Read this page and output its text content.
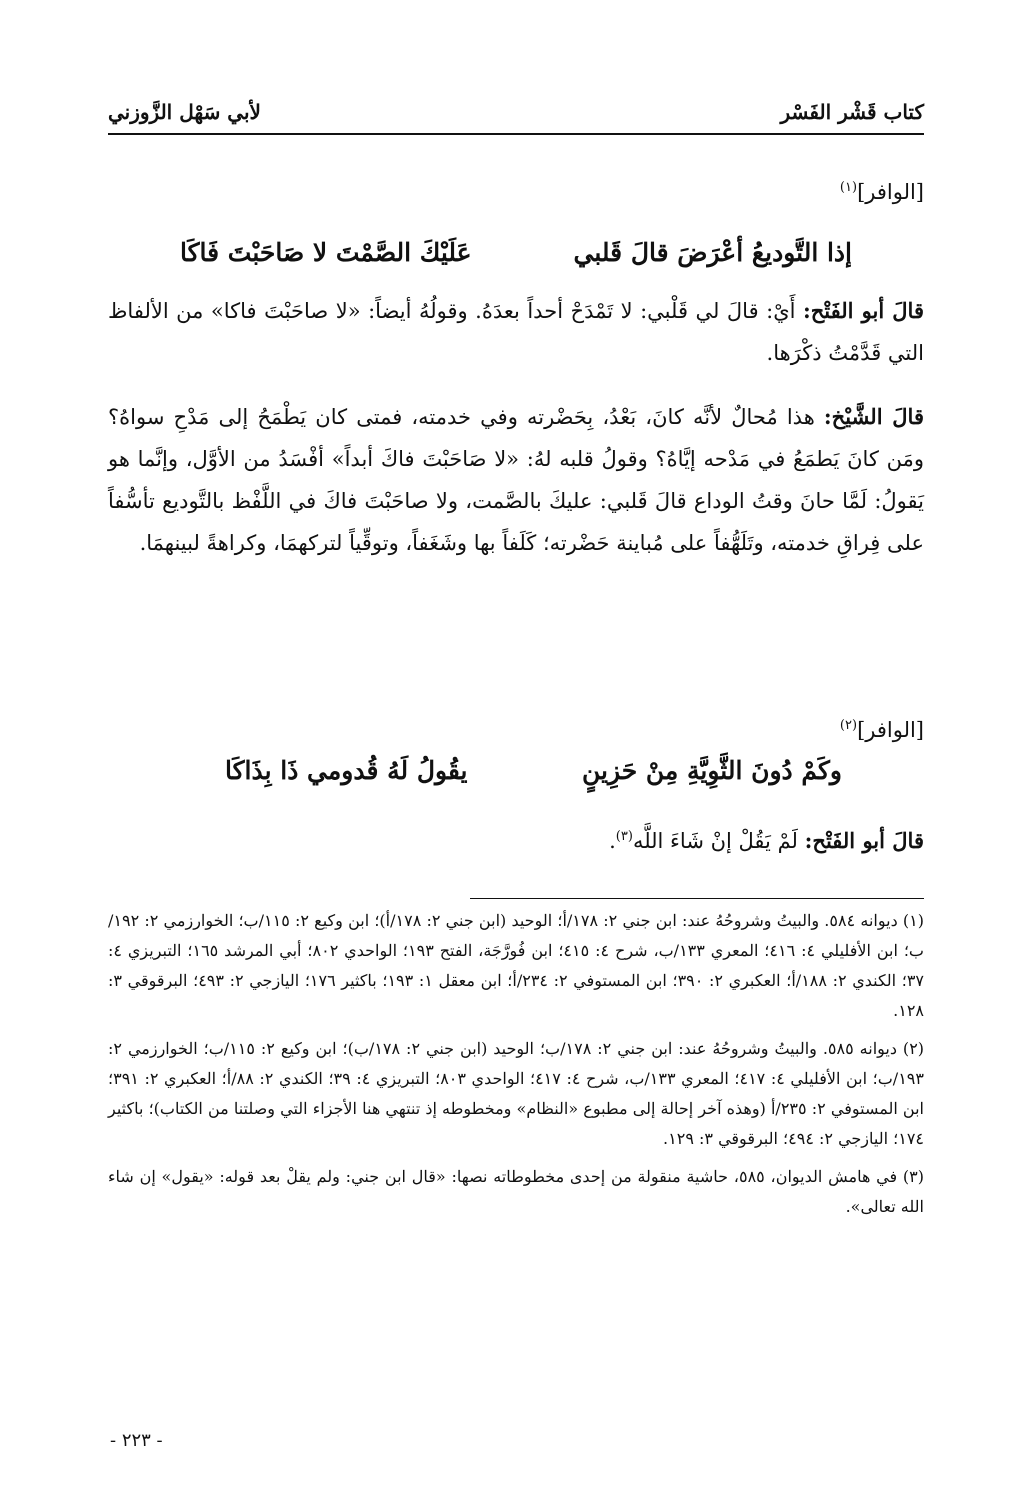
كتاب قَشْر الفَسْر
لأبي سَهْل الزَّوزني
[الوافر]$^{(١)}$
إذا التَّوديعُ أعْرَضَ قالَ قَلبي
عَلَيْكَ الصَّمْتَ لا صَاحَبْتَ فَاكَا
قالَ أبو الفَتْح: أَيْ: قالَ لي قَلْبي: لا تَمْدَحْ أحداً بعدَهُ. وقولُهُ أيضاً: «لا صاحَبْتَ فاكا» من الألفاظ التي قَدَّمْتُ ذكْرَها.
قالَ الشَّيْخ: هذا مُحالٌ لأنَّه كانَ، بَعْدُ، بِحَضْرته وفي خدمته، فمتى كان يَطْمَحُ إلى مَدْحِ سواهُ؟ ومَن كانَ يَطمَعُ في مَدْحه إيَّاهُ؟ وقولُ قلبه لهُ: «لا صَاحَبْتَ فاكَ أبداً» أفْسَدُ من الأوَّل، وإنَّما هو يَقولُ: لَمَّا حانَ وقتُ الوداع قالَ قَلبي: عليكَ بالصَّمت، ولا صاحَبْتَ فاكَ في اللَّفْظ بالتَّوديع تأسُّفاً على فِراقِ خدمته، وتَلَهُّفاً على مُباينة حَضْرته؛ كَلَفاً بها وشَغَفاً، وتوقِّياً لتركهمَا، وكراهةً لبينهمَا.
[الوافر]$^{(٢)}$
وكَمْ دُونَ الثَّوِيَّةِ مِنْ حَزِينٍ
يقُولُ لَهُ قُدومي ذَا بِذَاكَا
قالَ أبو الفَتْح: لَمْ يَقُلْ إنْ شَاءَ اللَّه$^{(٣)}$.
(١) ديوانه ٥٨٤. والبيتُ وشروحُهُ عند: ابن جني ٢: ١٧٨/أ؛ الوحيد (ابن جني ٢: ١٧٨/أ)؛ ابن وكيع ٢: ١١٥/ب؛ الخوارزمي ٢: ١٩٢/ب؛ ابن الأفليلي ٤: ٤١٦؛ المعري ١٣٣/ب، شرح ٤: ٤١٥؛ ابن فُورَّجَة، الفتح ١٩٣؛ الواحدي ٨٠٢؛ أبي المرشد ١٦٥؛ التبريزي ٤: ٣٧؛ الكندي ٢: ١٨٨/أ؛ العكبري ٢: ٣٩٠؛ ابن المستوفي ٢: ٢٣٤/أ؛ ابن معقل ١: ١٩٣؛ باكثير ١٧٦؛ اليازجي ٢: ٤٩٣؛ البرقوقي ٣: ١٢٨.
(٢) ديوانه ٥٨٥. والبيتُ وشروحُهُ عند: ابن جني ٢: ١٧٨/ب؛ الوحيد (ابن جني ٢: ١٧٨/ب)؛ ابن وكيع ٢: ١١٥/ب؛ الخوارزمي ٢: ١٩٣/ب؛ ابن الأفليلي ٤: ٤١٧؛ المعري ١٣٣/ب، شرح ٤: ٤١٧؛ الواحدي ٨٠٣؛ التبريزي ٤: ٣٩؛ الكندي ٢: ٨٨/أ؛ العكبري ٢: ٣٩١؛ ابن المستوفي ٢: ٢٣٥/أ (وهذه آخر إحالة إلى مطبوع «النظام» ومخطوطه إذ تنتهي هنا الأجزاء التي وصلتنا من الكتاب)؛ باكثير ١٧٤؛ اليازجي ٢: ٤٩٤؛ البرقوقي ٣: ١٢٩.
(٣) في هامش الديوان، ٥٨٥، حاشية منقولة من إحدى مخطوطاته نصها: «قال ابن جني: ولم يقلْ بعد قوله: «يقول» إن شاء الله تعالى».
- ٢٢٣ -
